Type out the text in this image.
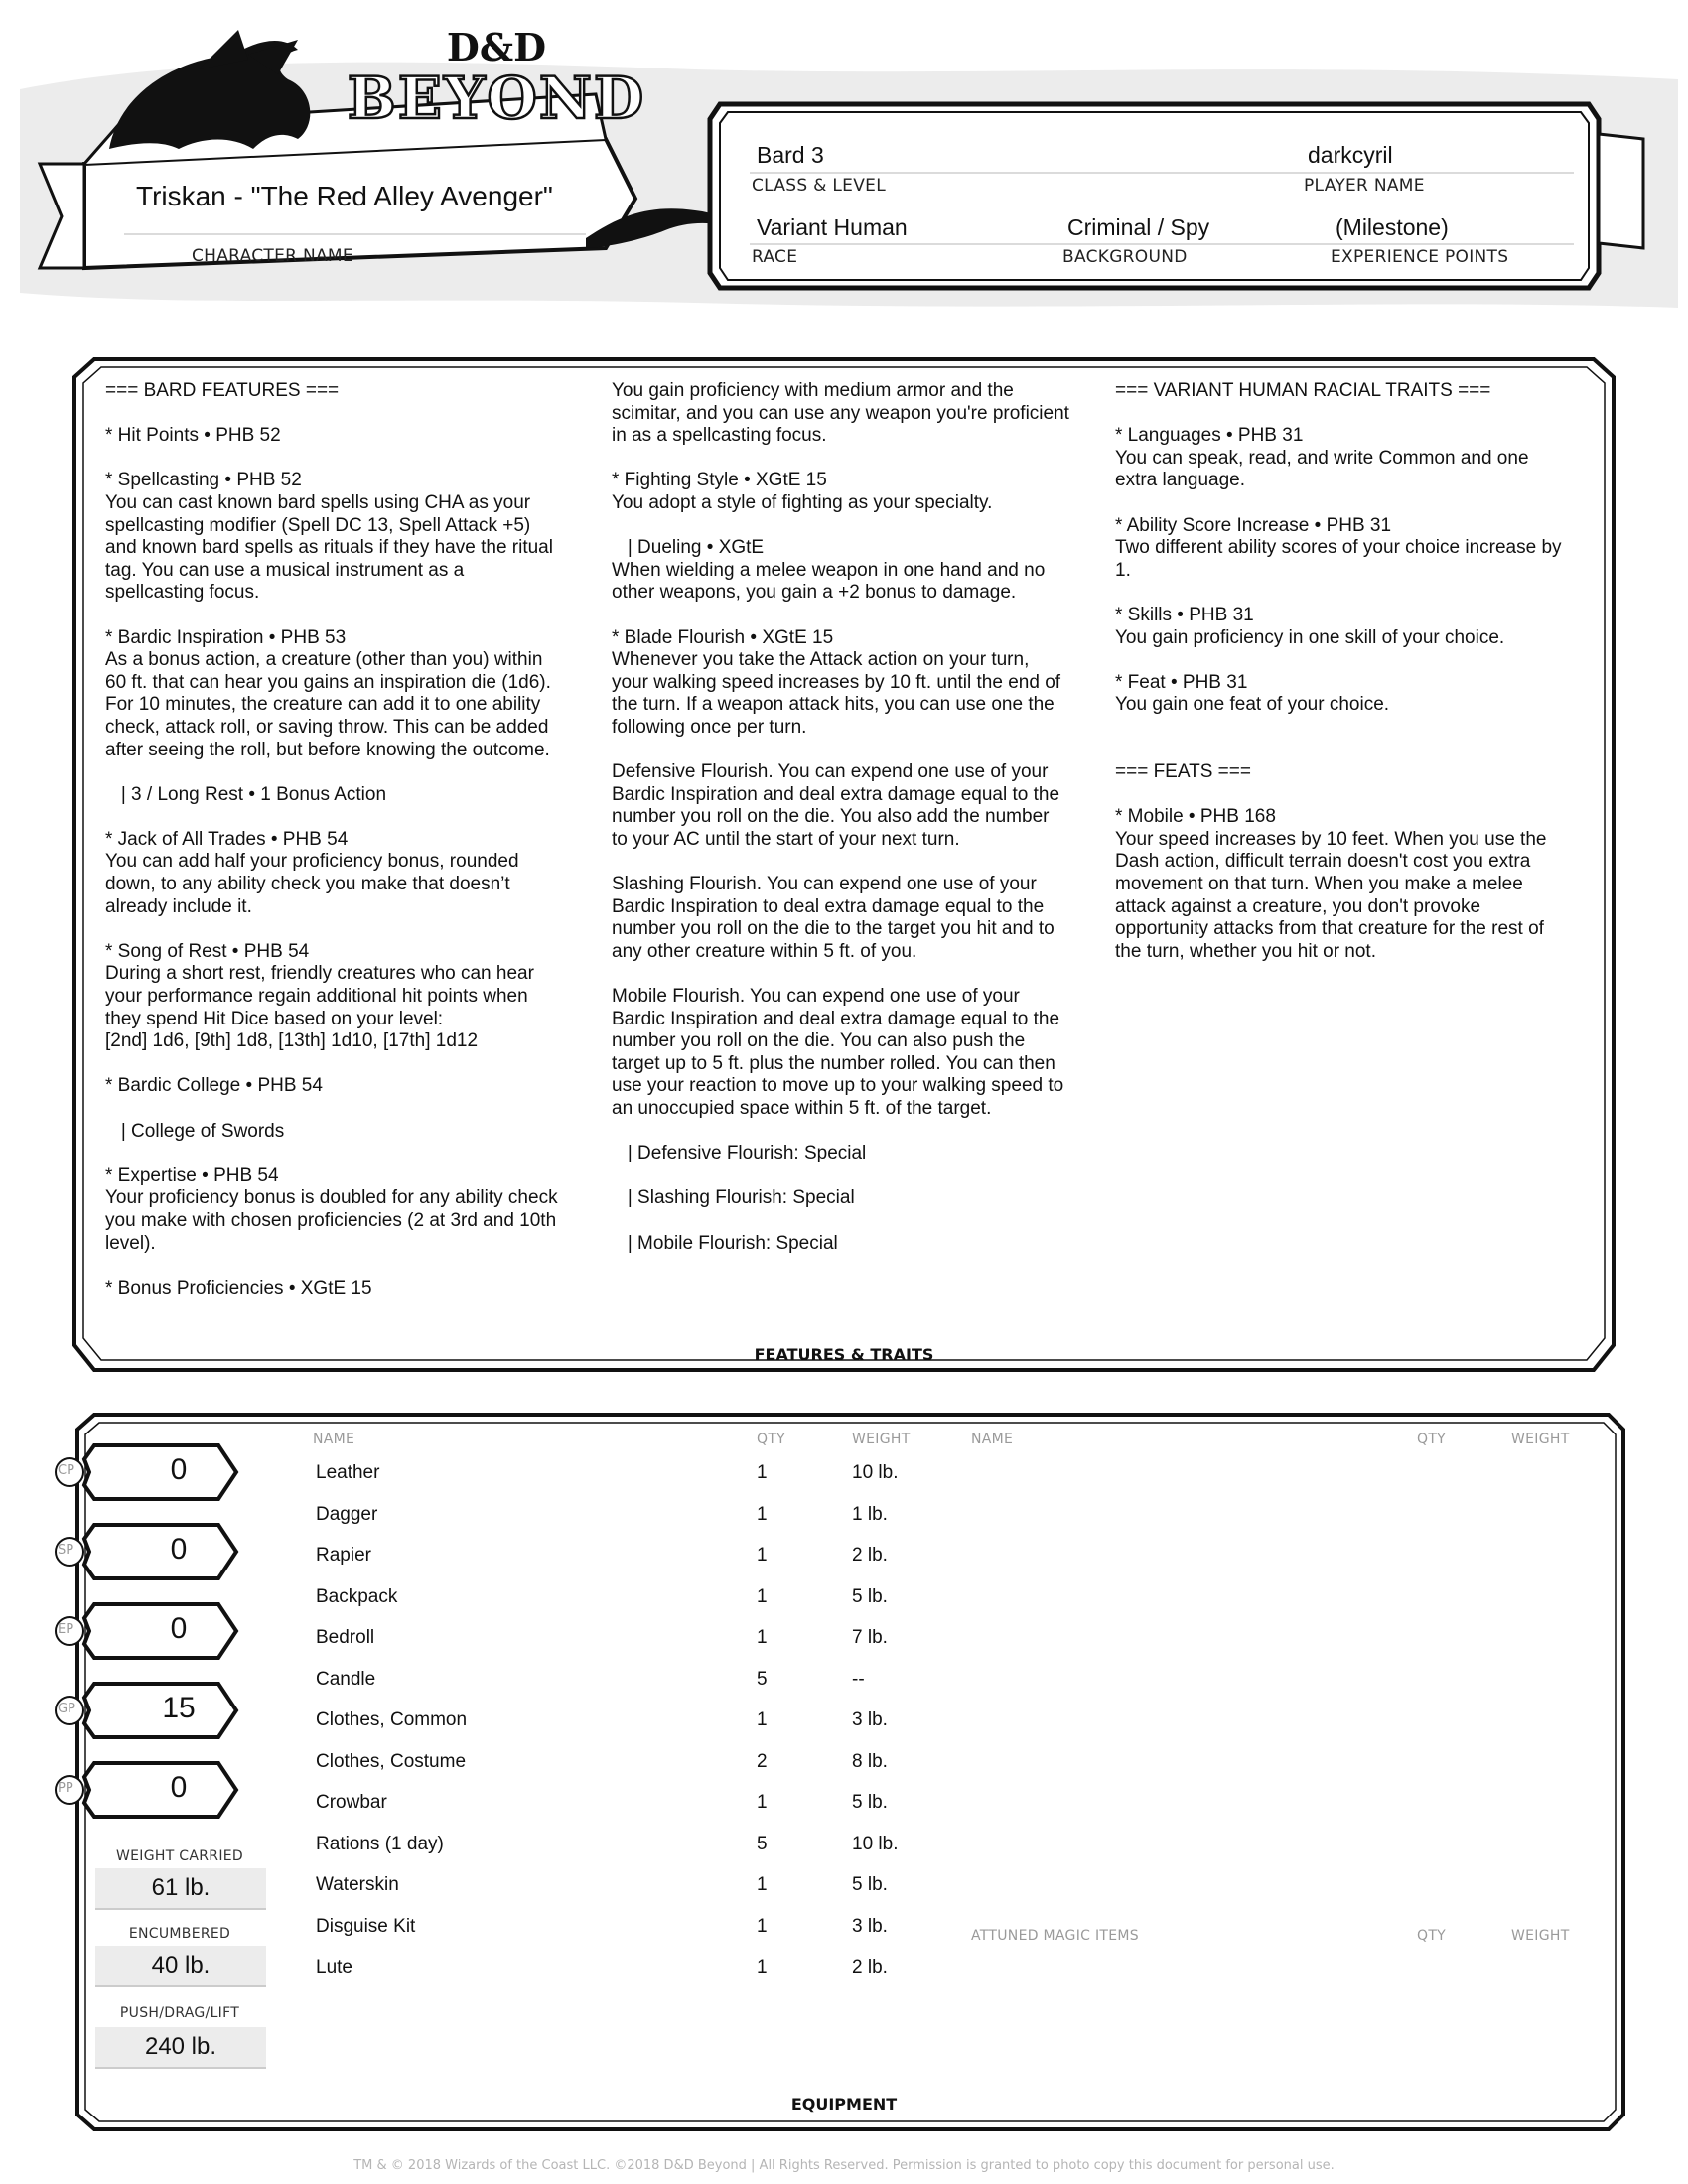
D&D
BEYOND
Triskan - "The Red Alley Avenger"
CHARACTER NAME
Bard 3
CLASS & LEVEL
darkcyril
PLAYER NAME
Variant Human
RACE
Criminal / Spy
BACKGROUND
(Milestone)
EXPERIENCE POINTS
=== BARD FEATURES ===

* Hit Points • PHB 52

* Spellcasting • PHB 52
You can cast known bard spells using CHA as your
spellcasting modifier (Spell DC 13, Spell Attack +5)
and known bard spells as rituals if they have the ritual
tag. You can use a musical instrument as a
spellcasting focus.

* Bardic Inspiration • PHB 53
As a bonus action, a creature (other than you) within
60 ft. that can hear you gains an inspiration die (1d6).
For 10 minutes, the creature can add it to one ability
check, attack roll, or saving throw. This can be added
after seeing the roll, but before knowing the outcome.

| 3 / Long Rest • 1 Bonus Action

* Jack of All Trades • PHB 54
You can add half your proficiency bonus, rounded
down, to any ability check you make that doesn’t
already include it.

* Song of Rest • PHB 54
During a short rest, friendly creatures who can hear
your performance regain additional hit points when
they spend Hit Dice based on your level:
[2nd] 1d6, [9th] 1d8, [13th] 1d10, [17th] 1d12

* Bardic College • PHB 54

| College of Swords

* Expertise • PHB 54
Your proficiency bonus is doubled for any ability check
you make with chosen proficiencies (2 at 3rd and 10th
level).

* Bonus Proficiencies • XGtE 15
You gain proficiency with medium armor and the
scimitar, and you can use any weapon you're proficient
in as a spellcasting focus.

* Fighting Style • XGtE 15
You adopt a style of fighting as your specialty.

| Dueling • XGtE
When wielding a melee weapon in one hand and no
other weapons, you gain a +2 bonus to damage.

* Blade Flourish • XGtE 15
Whenever you take the Attack action on your turn,
your walking speed increases by 10 ft. until the end of
the turn. If a weapon attack hits, you can use one the
following once per turn.

Defensive Flourish. You can expend one use of your
Bardic Inspiration and deal extra damage equal to the
number you roll on the die. You also add the number
to your AC until the start of your next turn.

Slashing Flourish. You can expend one use of your
Bardic Inspiration to deal extra damage equal to the
number you roll on the die to the target you hit and to
any other creature within 5 ft. of you.

Mobile Flourish. You can expend one use of your
Bardic Inspiration and deal extra damage equal to the
number you roll on the die. You can also push the
target up to 5 ft. plus the number rolled. You can then
use your reaction to move up to your walking speed to
an unoccupied space within 5 ft. of the target.

| Defensive Flourish: Special

| Slashing Flourish: Special

| Mobile Flourish: Special
=== VARIANT HUMAN RACIAL TRAITS ===

* Languages • PHB 31
You can speak, read, and write Common and one
extra language.

* Ability Score Increase • PHB 31
Two different ability scores of your choice increase by
1.

* Skills • PHB 31
You gain proficiency in one skill of your choice.

* Feat • PHB 31
You gain one feat of your choice.

=== FEATS ===

* Mobile • PHB 168
Your speed increases by 10 feet. When you use the
Dash action, difficult terrain doesn't cost you extra
movement on that turn. When you make a melee
attack against a creature, you don't provoke
opportunity attacks from that creature for the rest of
the turn, whether you hit or not.
FEATURES & TRAITS
NAME	QTY	WEIGHT	NAME	QTY	WEIGHT
ATTUNED MAGIC ITEMS	QTY	WEIGHT
CP	0
SP	0
EP	0
GP	15
PP	0
WEIGHT CARRIED
61 lb.
ENCUMBERED
40 lb.
PUSH/DRAG/LIFT
240 lb.
Leather	1	10 lb.
Dagger	1	1 lb.
Rapier	1	2 lb.
Backpack	1	5 lb.
Bedroll	1	7 lb.
Candle	5	--
Clothes, Common	1	3 lb.
Clothes, Costume	2	8 lb.
Crowbar	1	5 lb.
Rations (1 day)	5	10 lb.
Waterskin	1	5 lb.
Disguise Kit	1	3 lb.
Lute	1	2 lb.
EQUIPMENT
TM & © 2018 Wizards of the Coast LLC. ©2018 D&D Beyond | All Rights Reserved. Permission is granted to photo copy this document for personal use.
